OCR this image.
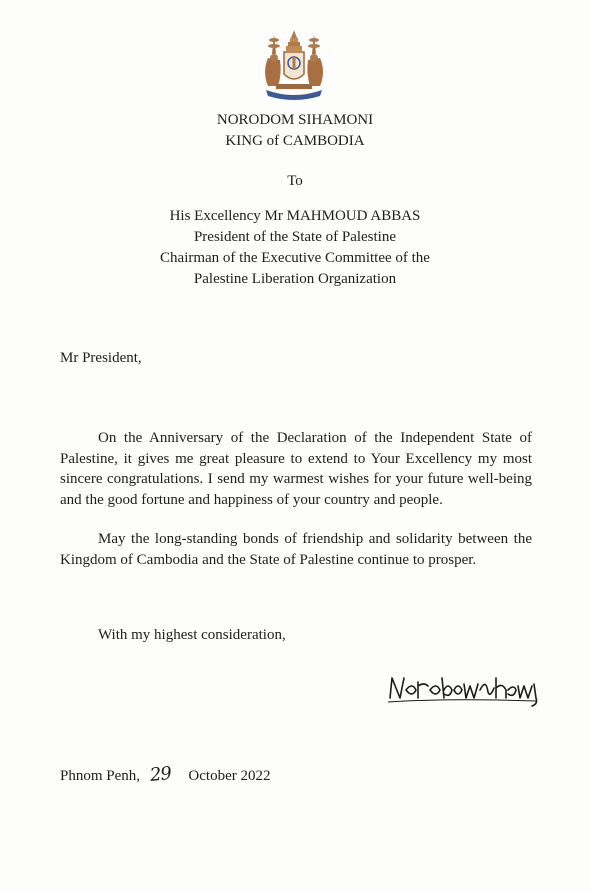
NORODOM SIHAMONI
KING of CAMBODIA
To
His Excellency Mr MAHMOUD ABBAS
President of the State of Palestine
Chairman of the Executive Committee of the
Palestine Liberation Organization
Mr President,

On the Anniversary of the Declaration of the Independent State of Palestine, it gives me great pleasure to extend to Your Excellency my most sincere congratulations. I send my warmest wishes for your future well-being and the good fortune and happiness of your country and people.

May the long-standing bonds of friendship and solidarity between the Kingdom of Cambodia and the State of Palestine continue to prosper.

With my highest consideration,
Phnom Penh, 29 October 2022
